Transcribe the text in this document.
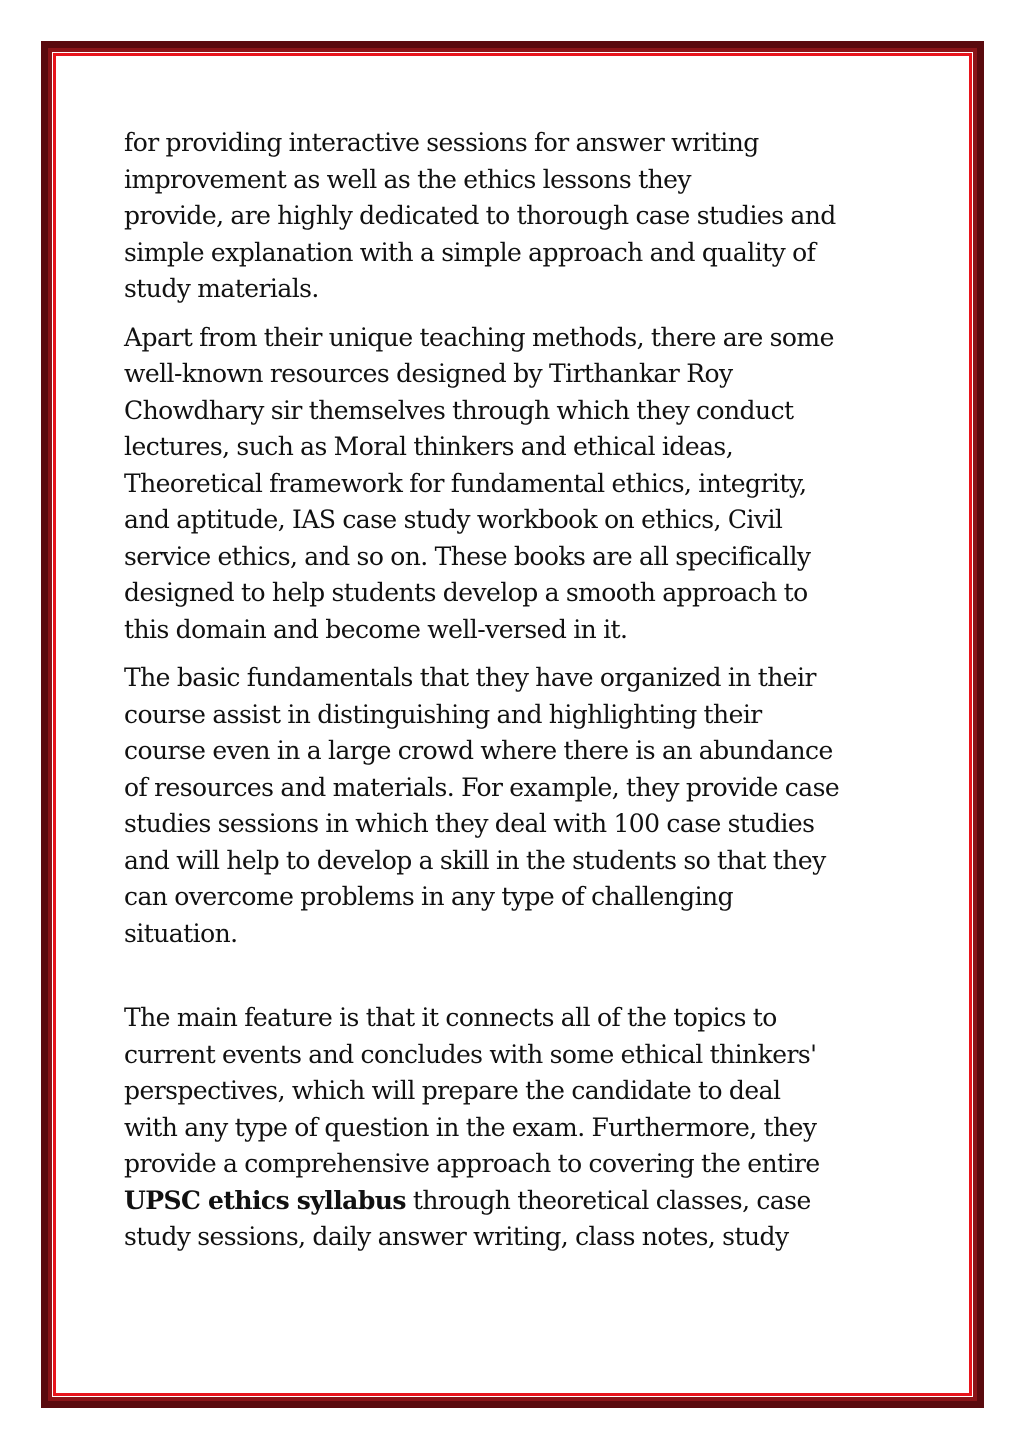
for providing interactive sessions for answer writing
improvement as well as the ethics lessons they
provide, are highly dedicated to thorough case studies and
simple explanation with a simple approach and quality of
study materials.

Apart from their unique teaching methods, there are some
well-known resources designed by Tirthankar Roy
Chowdhary sir themselves through which they conduct
lectures, such as Moral thinkers and ethical ideas,
Theoretical framework for fundamental ethics, integrity,
and aptitude, IAS case study workbook on ethics, Civil
service ethics, and so on. These books are all specifically
designed to help students develop a smooth approach to
this domain and become well-versed in it.

The basic fundamentals that they have organized in their
course assist in distinguishing and highlighting their
course even in a large crowd where there is an abundance
of resources and materials. For example, they provide case
studies sessions in which they deal with 100 case studies
and will help to develop a skill in the students so that they
can overcome problems in any type of challenging
situation.

The main feature is that it connects all of the topics to
current events and concludes with some ethical thinkers'
perspectives, which will prepare the candidate to deal
with any type of question in the exam. Furthermore, they
provide a comprehensive approach to covering the entire
UPSC ethics syllabus through theoretical classes, case
study sessions, daily answer writing, class notes, study
